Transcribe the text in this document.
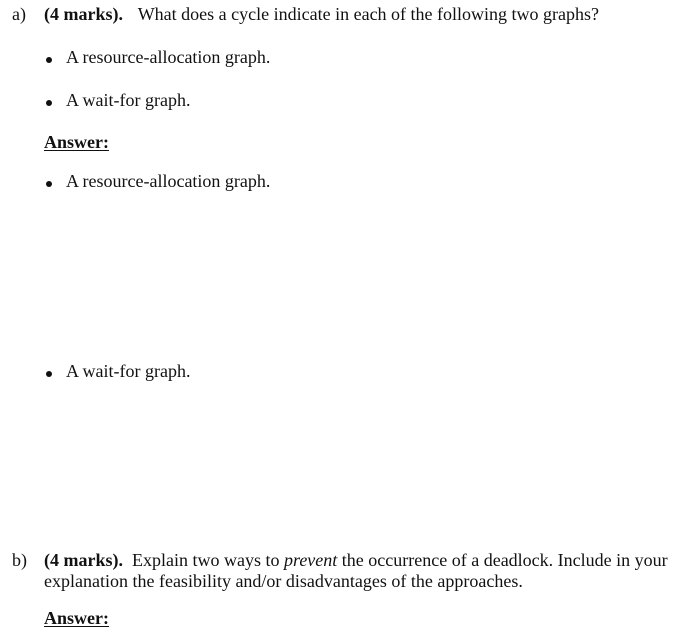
a) (4 marks). What does a cycle indicate in each of the following two graphs?
A resource-allocation graph.
A wait-for graph.
Answer:
A resource-allocation graph.
A wait-for graph.
b) (4 marks). Explain two ways to prevent the occurrence of a deadlock. Include in your explanation the feasibility and/or disadvantages of the approaches.
Answer:
